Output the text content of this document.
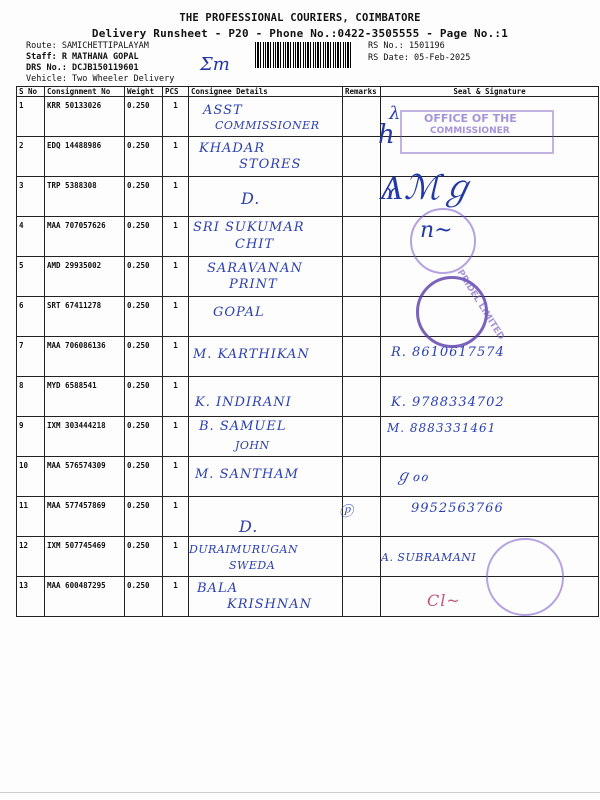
THE PROFESSIONAL COURIERS, COIMBATORE
Delivery Runsheet - P20 - Phone No.:0422-3505555 - Page No.:1
Route: SAMICHETTIPALAYAM
Staff: R MATHANA GOPAL
DRS No.: DCJB150119601
Vehicle: Two Wheeler Delivery
Σm
RS No.: 1501196
RS Date: 05-Feb-2025
S No	Consignment No	Weight	PCS	Consignee Details	Remarks	Seal & Signature
1	KRR 50133026	0.250	1	ASST
COMMISSIONER		λ

2	EDQ 14488986	0.250	1	KHADAR
STORES		

3	TRP 5388308	0.250	1	D.		

4	MAA 707057626	0.250	1	SRI SUKUMAR
CHIT		

5	AMD 29935002	0.250	1	SARAVANAN
PRINT		

6	SRT 67411278	0.250	1	GOPAL		

7	MAA 706086136	0.250	1	M. KARTHIKAN		R. 8610617574

8	MYD 6588541	0.250	1	K. INDIRANI		K. 9788334702

9	IXM 303444218	0.250	1	B. SAMUEL
JOHN		M. 8883331461

10	MAA 576574309	0.250	1	M. SANTHAM		ℊℴℴ

11	MAA 577457869	0.250	1	D.	ⓟ	9952563766

12	IXM 507745469	0.250	1	DURAIMURUGAN
SWEDA		A. SUBRAMANI

13	MAA 600487295	0.250	1	BALA
KRISHNAN		Cl~
OFFICE OF THE
COMMISSIONER
h
Ѧℳℊ
n~
PRIDEL LIMITED
